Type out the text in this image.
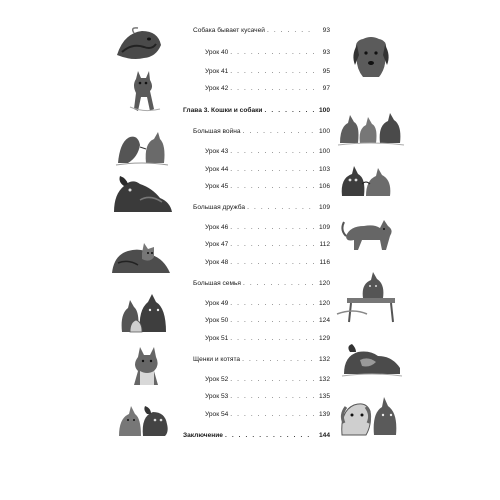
Собака бывает кусачей . . .	93
Урок 40 . . .	93
Урок 41 . . .	95
Урок 42 . . .	97
Глава 3. Кошки и собаки . . .	100
Большая война . . .	100
Урок 43 . . .	100
Урок 44 . . .	103
Урок 45 . . .	106
Большая дружба . . .	109
Урок 46 . . .	109
Урок 47 . . .	112
Урок 48 . . .	116
Большая семья . . .	120
Урок 49 . . .	120
Урок 50 . . .	124
Урок 51 . . .	129
Щенки и котята . . .	132
Урок 52 . . .	132
Урок 53 . . .	135
Урок 54 . . .	139
Заключение . . .	144
